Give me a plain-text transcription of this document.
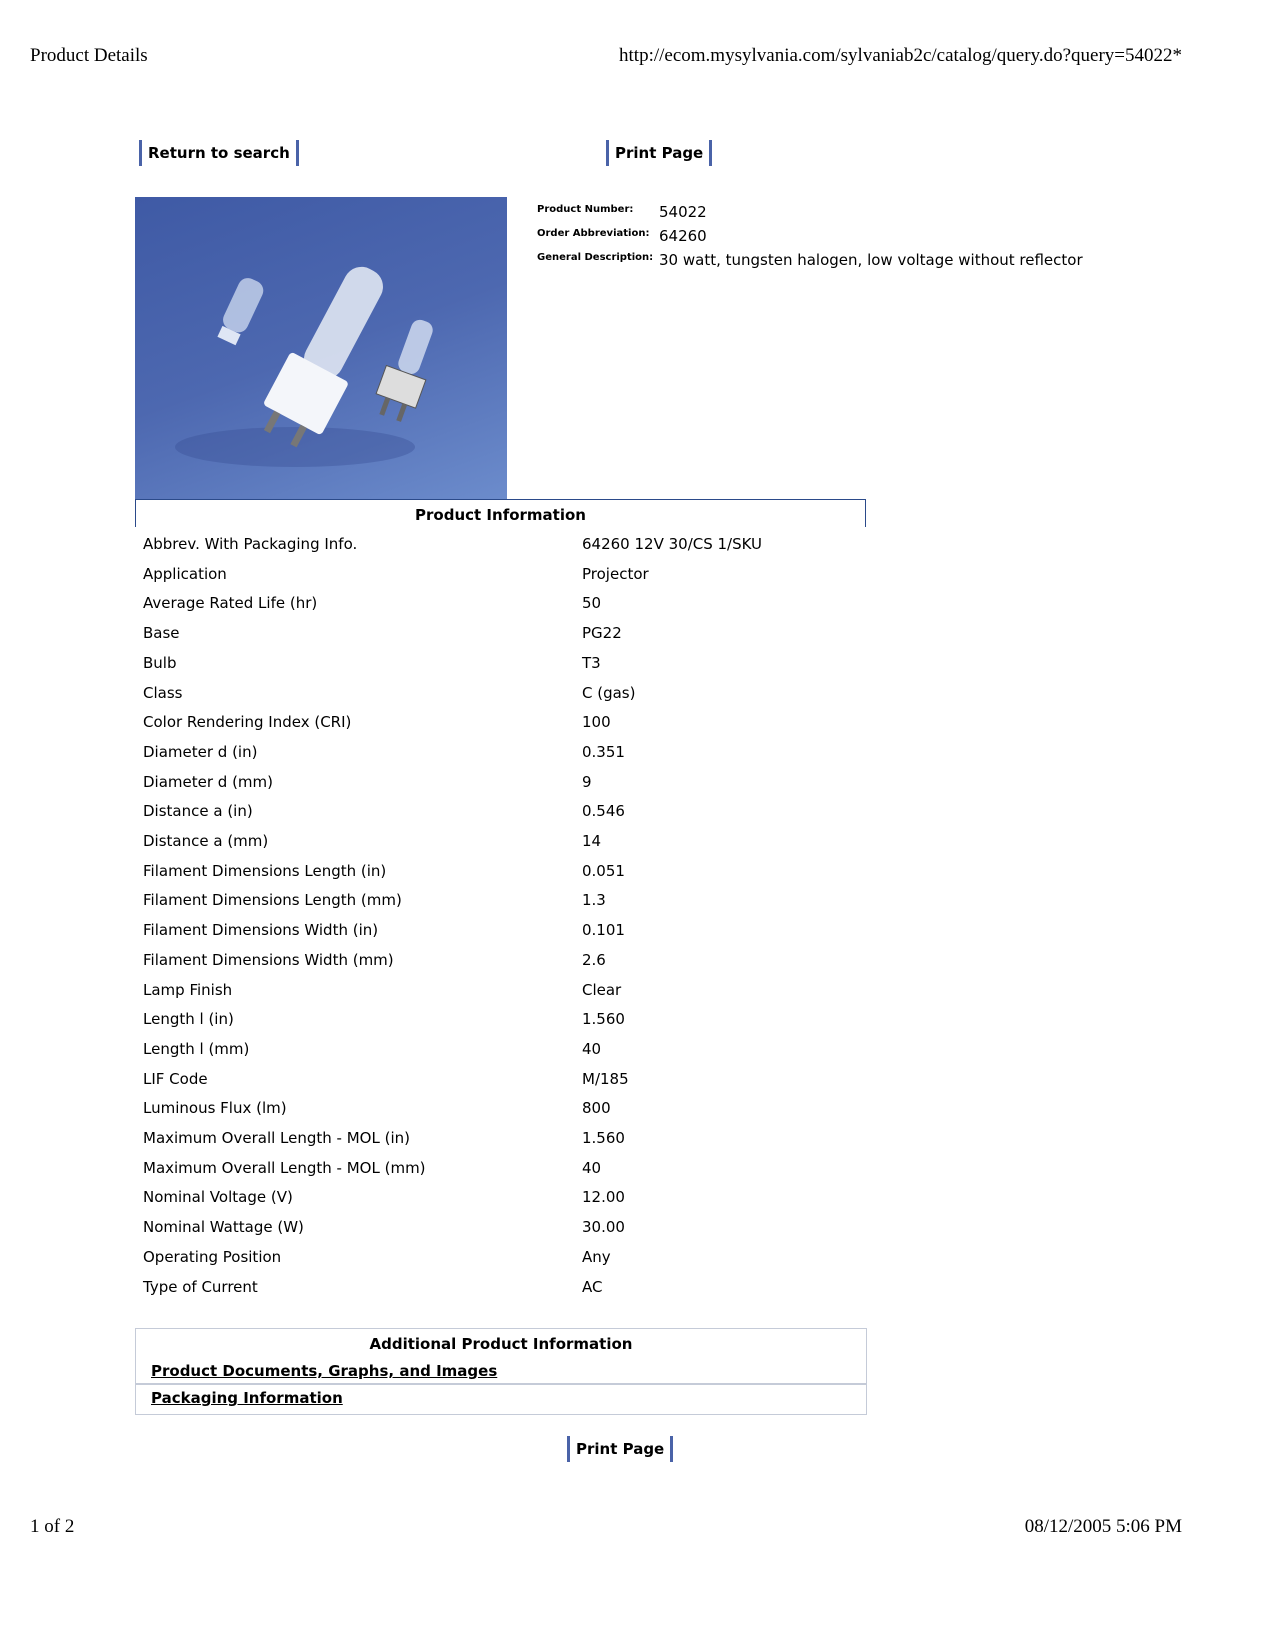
Product Details	http://ecom.mysylvania.com/sylvaniab2c/catalog/query.do?query=54022*
Return to search	Print Page
Product Number: 54022
Order Abbreviation: 64260
General Description: 30 watt, tungsten halogen, low voltage without reflector
Product Information
Abbrev. With Packaging Info.	64260 12V 30/CS 1/SKU
Application	Projector
Average Rated Life (hr)	50
Base	PG22
Bulb	T3
Class	C (gas)
Color Rendering Index (CRI)	100
Diameter d (in)	0.351
Diameter d (mm)	9
Distance a (in)	0.546
Distance a (mm)	14
Filament Dimensions Length (in)	0.051
Filament Dimensions Length (mm)	1.3
Filament Dimensions Width (in)	0.101
Filament Dimensions Width (mm)	2.6
Lamp Finish	Clear
Length l (in)	1.560
Length l (mm)	40
LIF Code	M/185
Luminous Flux (lm)	800
Maximum Overall Length - MOL (in)	1.560
Maximum Overall Length - MOL (mm)	40
Nominal Voltage (V)	12.00
Nominal Wattage (W)	30.00
Operating Position	Any
Type of Current	AC
Additional Product Information
Product Documents, Graphs, and Images
Packaging Information
Print Page
1 of 2	08/12/2005 5:06 PM
